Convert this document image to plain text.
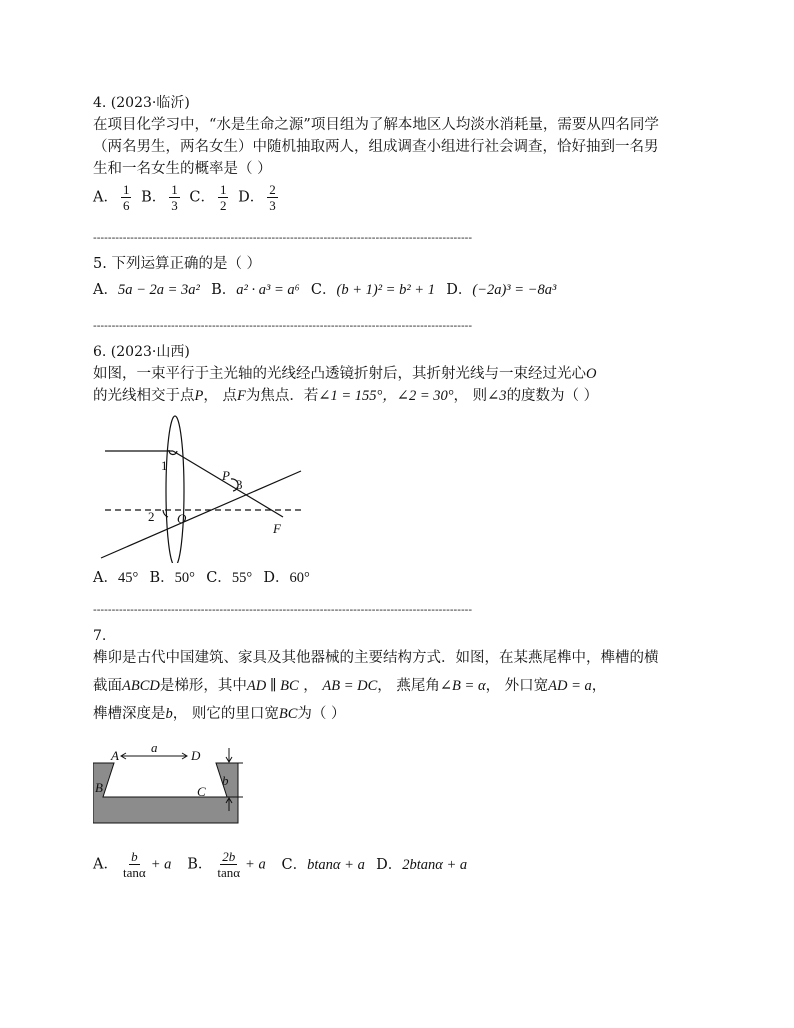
4. (2023·临沂)
在项目化学习中，“水是生命之源”项目组为了解本地区人均淡水消耗量，需要从四名同学
（两名男生，两名女生）中随机抽取两人，组成调查小组进行社会调查，恰好抽到一名男
生和一名女生的概率是（ ）
A． $\frac{1}{6}$ B． $\frac{1}{3}$ C． $\frac{1}{2}$ D． $\frac{2}{3}$
------------------------------------------------------------------------------------------------------
5. 下列运算正确的是（ ）
A．5a − 2a = 3a² B．a² · a³ = a⁶ C．(b + 1)² = b² + 1 D．(−2a)³ = −8a³
------------------------------------------------------------------------------------------------------
6. (2023·山西)
如图，一束平行于主光轴的光线经凸透镜折射后，其折射光线与一束经过光心O
的光线相交于点P， 点F为焦点．若∠1 = 155°，∠2 = 30°， 则∠3的度数为（ ）
1
2
3
P
O
F
A．45° B．50° C．55° D．60°
------------------------------------------------------------------------------------------------------
7.
榫卯是古代中国建筑、家具及其他器械的主要结构方式．如图，在某燕尾榫中，榫槽的横
截面ABCD是梯形，其中AD ∥ BC ， AB = DC， 燕尾角∠B = α， 外口宽AD = a，
榫槽深度是b， 则它的里口宽BC为（ ）
A	D
B	C
a
b
A． $\frac{b}{\tan\alpha} + a$ B． $\frac{2b}{\tan\alpha} + a$ C．btanα + a D．2btanα + a
